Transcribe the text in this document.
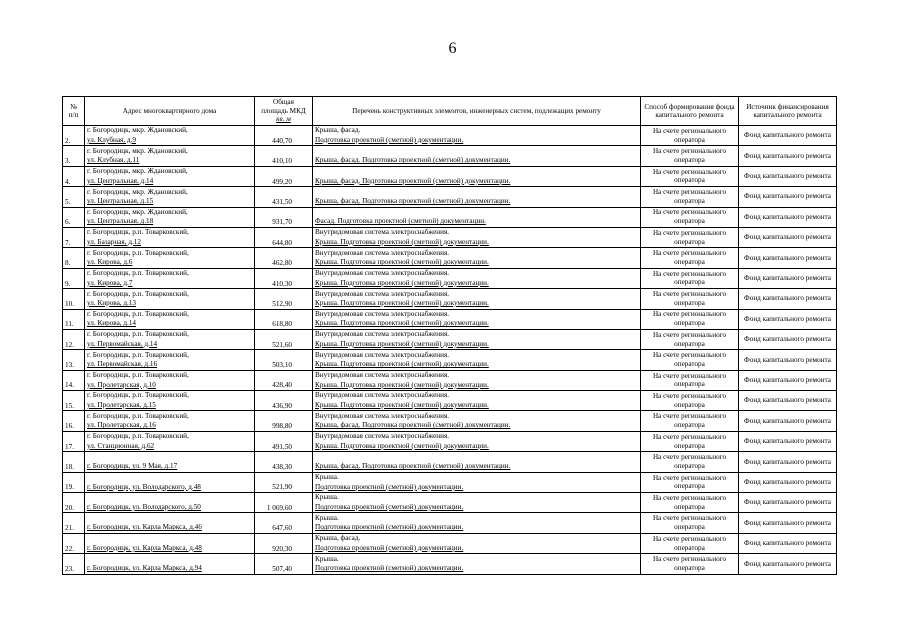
6
№
п/п	Адрес многоквартирного дома	Общая
площадь МКД
кв. м	Перечень конструктивных элементов, инженерных систем, подлежащих ремонту	Способ формирования фонда капитального ремонта	Источник финансирования капитального ремонта
2.	г. Богородицк, мкр. Ждановский,
ул. Клубная, д.9	440,70	Крыша, фасад.
Подготовка проектной (сметной) документации.	На счете регионального оператора	Фонд капитального ремонта
3.	г. Богородицк, мкр. Ждановский,
ул. Клубная, д.11	410,10	Крыша, фасад. Подготовка проектной (сметной) документации.	На счете регионального оператора	Фонд капитального ремонта
4.	г. Богородицк, мкр. Ждановский,
ул. Центральная, д.14	499,20	Крыша, фасад. Подготовка проектной (сметной) документации.	На счете регионального оператора	Фонд капитального ремонта
5.	г. Богородицк, мкр. Ждановский,
ул. Центральная, д.15	431,50	Крыша, фасад. Подготовка проектной (сметной) документации.	На счете регионального оператора	Фонд капитального ремонта
6.	г. Богородицк, мкр. Ждановский,
ул. Центральная, д.18	931,70	Фасад. Подготовка проектной (сметной) документации.	На счете регионального оператора	Фонд капитального ремонта
7.	г. Богородицк, р.п. Товарковский,
ул. Базарная, д.12	644,80	Внутридомовая система электроснабжения.
Крыша. Подготовка проектной (сметной) документации.	На счете регионального оператора	Фонд капитального ремонта
8.	г. Богородицк, р.п. Товарковский,
ул. Кирова, д.6	462,80	Внутридомовая система электроснабжения.
Крыша. Подготовка проектной (сметной) документации.	На счете регионального оператора	Фонд капитального ремонта
9.	г. Богородицк, р.п. Товарковский,
ул. Кирова, д.7	410,30	Внутридомовая система электроснабжения.
Крыша. Подготовка проектной (сметной) документации.	На счете регионального оператора	Фонд капитального ремонта
10.	г. Богородицк, р.п. Товарковский,
ул. Кирова, д.13	512,90	Внутридомовая система электроснабжения.
Крыша. Подготовка проектной (сметной) документации.	На счете регионального оператора	Фонд капитального ремонта
11.	г. Богородицк, р.п. Товарковский,
ул. Кирова, д.14	618,80	Внутридомовая система электроснабжения.
Крыша. Подготовка проектной (сметной) документации.	На счете регионального оператора	Фонд капитального ремонта
12.	г. Богородицк, р.п. Товарковский,
ул. Первомайская, д.14	521,60	Внутридомовая система электроснабжения.
Крыша. Подготовка проектной (сметной) документации.	На счете регионального оператора	Фонд капитального ремонта
13.	г. Богородицк, р.п. Товарковский,
ул. Первомайская, д.16	503,10	Внутридомовая система электроснабжения.
Крыша. Подготовка проектной (сметной) документации.	На счете регионального оператора	Фонд капитального ремонта
14.	г. Богородицк, р.п. Товарковский,
ул. Пролетарская, д.10	428,40	Внутридомовая система электроснабжения.
Крыша. Подготовка проектной (сметной) документации.	На счете регионального оператора	Фонд капитального ремонта
15.	г. Богородицк, р.п. Товарковский,
ул. Пролетарская, д.15	436,90	Внутридомовая система электроснабжения.
Крыша. Подготовка проектной (сметной) документации.	На счете регионального оператора	Фонд капитального ремонта
16.	г. Богородицк, р.п. Товарковский,
ул. Пролетарская, д.16	998,80	Внутридомовая система электроснабжения.
Крыша, фасад. Подготовка проектной (сметной) документации.	На счете регионального оператора	Фонд капитального ремонта
17.	г. Богородицк, р.п. Товарковский,
ул. Станционная, д.62	491,50	Внутридомовая система электроснабжения.
Крыша. Подготовка проектной (сметной) документации.	На счете регионального оператора	Фонд капитального ремонта
18.	г. Богородицк, ул. 9 Мая, д.17	438,30	Крыша, фасад. Подготовка проектной (сметной) документации.	На счете регионального оператора	Фонд капитального ремонта
19.	г. Богородицк, ул. Володарского, д.48	521,90	Крыша.
Подготовка проектной (сметной) документации.	На счете регионального оператора	Фонд капитального ремонта
20.	г. Богородицк, ул. Володарского, д.50	1 069,60	Крыша.
Подготовка проектной (сметной) документации.	На счете регионального оператора	Фонд капитального ремонта
21.	г. Богородицк, ул. Карла Маркса, д.46	647,60	Крыша.
Подготовка проектной (сметной) документации.	На счете регионального оператора	Фонд капитального ремонта
22.	г. Богородицк, ул. Карла Маркса, д.48	920,30	Крыша, фасад.
Подготовка проектной (сметной) документации.	На счете регионального оператора	Фонд капитального ремонта
23.	г. Богородицк, ул. Карла Маркса, д.94	507,40	Крыша.
Подготовка проектной (сметной) документации.	На счете регионального оператора	Фонд капитального ремонта
